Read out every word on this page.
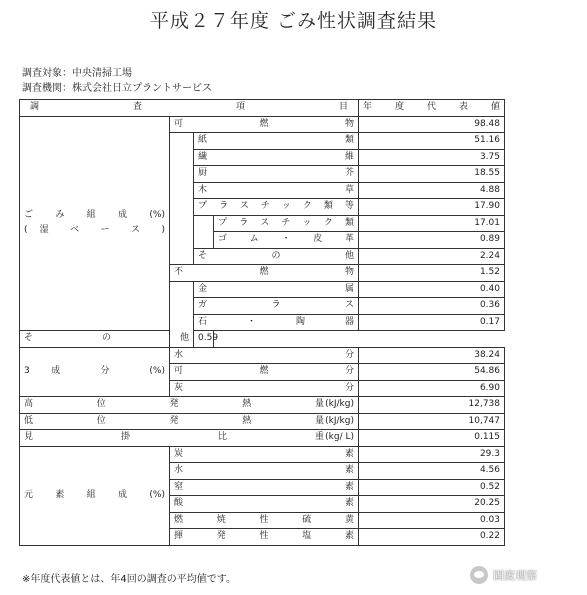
平成２７年度 ごみ性状調査結果
調査対象：中央清掃工場
調査機関：株式会社日立プラントサービス
調 査 項 目				年度代表値

ご み 組 成 (%)
( 湿 ベ ー ス )	可燃物			98.48
		紙類		51.16
		繊維		3.75
		厨芥		18.55
		木草		4.88
		プラスチック類等		17.90
			プラスチック類	17.01
			ゴム・皮革	0.89
		その他		2.24
	不燃物			1.52
		金属		0.40
		ガラス		0.36
		石・陶器		0.17
その他		0.59		

3 成 分 (%)	水分			38.24
	可燃分			54.86
	灰分			6.90

高位発熱量 (kJ/kg)				12,738

低位発熱量 (kJ/kg)				10,747

見掛比重 (kg/ L)				0.115

元 素 組 成 (%)	炭素			29.3
	水素			4.56
	窒素			0.52
	酸素			20.25
	燃焼性硫黄			0.03
	揮発性塩素			0.22
※年度代表値とは、年4回の調査の平均値です。	固废观察
